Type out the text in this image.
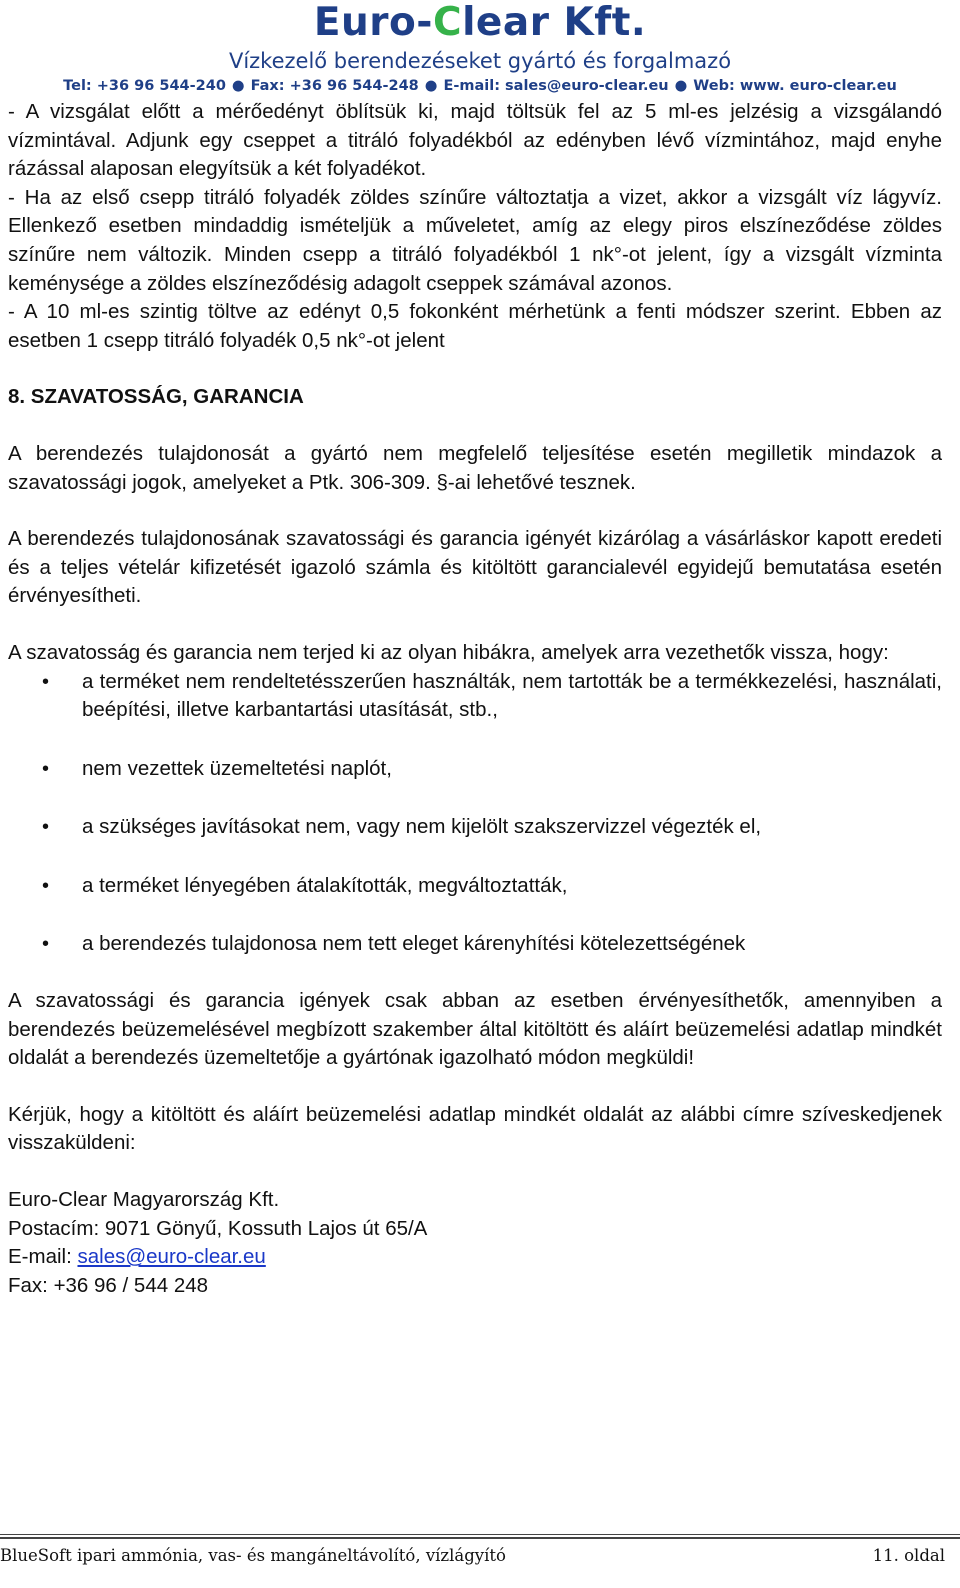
Euro-Clear Kft.
Vízkezelő berendezéseket gyártó és forgalmazó
Tel: +36 96 544-240 ● Fax: +36 96 544-248 ● E-mail: sales@euro-clear.eu ● Web: www. euro-clear.eu

- A vizsgálat előtt a mérőedényt öblítsük ki, majd töltsük fel az 5 ml-es jelzésig a vizsgálandó vízmintával. Adjunk egy cseppet a titráló folyadékból az edényben lévő vízmintához, majd enyhe rázással alaposan elegyítsük a két folyadékot.

- Ha az első csepp titráló folyadék zöldes színűre változtatja a vizet, akkor a vizsgált víz lágyvíz. Ellenkező esetben mindaddig ismételjük a műveletet, amíg az elegy piros elszíneződése zöldes színűre nem változik. Minden csepp a titráló folyadékból 1 nk°-ot jelent, így a vizsgált vízminta keménysége a zöldes elszíneződésig adagolt cseppek számával azonos.

- A 10 ml-es szintig töltve az edényt 0,5 fokonként mérhetünk a fenti módszer szerint. Ebben az esetben 1 csepp titráló folyadék 0,5 nk°-ot jelent

8. SZAVATOSSÁG, GARANCIA

A berendezés tulajdonosát a gyártó nem megfelelő teljesítése esetén megilletik mindazok a szavatossági jogok, amelyeket a Ptk. 306-309. §-ai lehetővé tesznek.

A berendezés tulajdonosának szavatossági és garancia igényét kizárólag a vásárláskor kapott eredeti és a teljes vételár kifizetését igazoló számla és kitöltött garancialevél egyidejű bemutatása esetén érvényesítheti.

A szavatosság és garancia nem terjed ki az olyan hibákra, amelyek arra vezethetők vissza, hogy:

• a terméket nem rendeltetésszerűen használták, nem tartották be a termékkezelési, használati, beépítési, illetve karbantartási utasítását, stb.,
• nem vezettek üzemeltetési naplót,
• a szükséges javításokat nem, vagy nem kijelölt szakszervizzel végezték el,
• a terméket lényegében átalakították, megváltoztatták,
• a berendezés tulajdonosa nem tett eleget kárenyhítési kötelezettségének

A szavatossági és garancia igények csak abban az esetben érvényesíthetők, amennyiben a berendezés beüzemelésével megbízott szakember által kitöltött és aláírt beüzemelési adatlap mindkét oldalát a berendezés üzemeltetője a gyártónak igazolható módon megküldi!

Kérjük, hogy a kitöltött és aláírt beüzemelési adatlap mindkét oldalát az alábbi címre szíveskedjenek visszaküldeni:

Euro-Clear Magyarország Kft.

Postacím: 9071 Gönyű, Kossuth Lajos út 65/A

E-mail: sales@euro-clear.eu

Fax: +36 96 / 544 248

BlueSoft ipari ammónia, vas- és mangáneltávolító, vízlágyító	11. oldal
